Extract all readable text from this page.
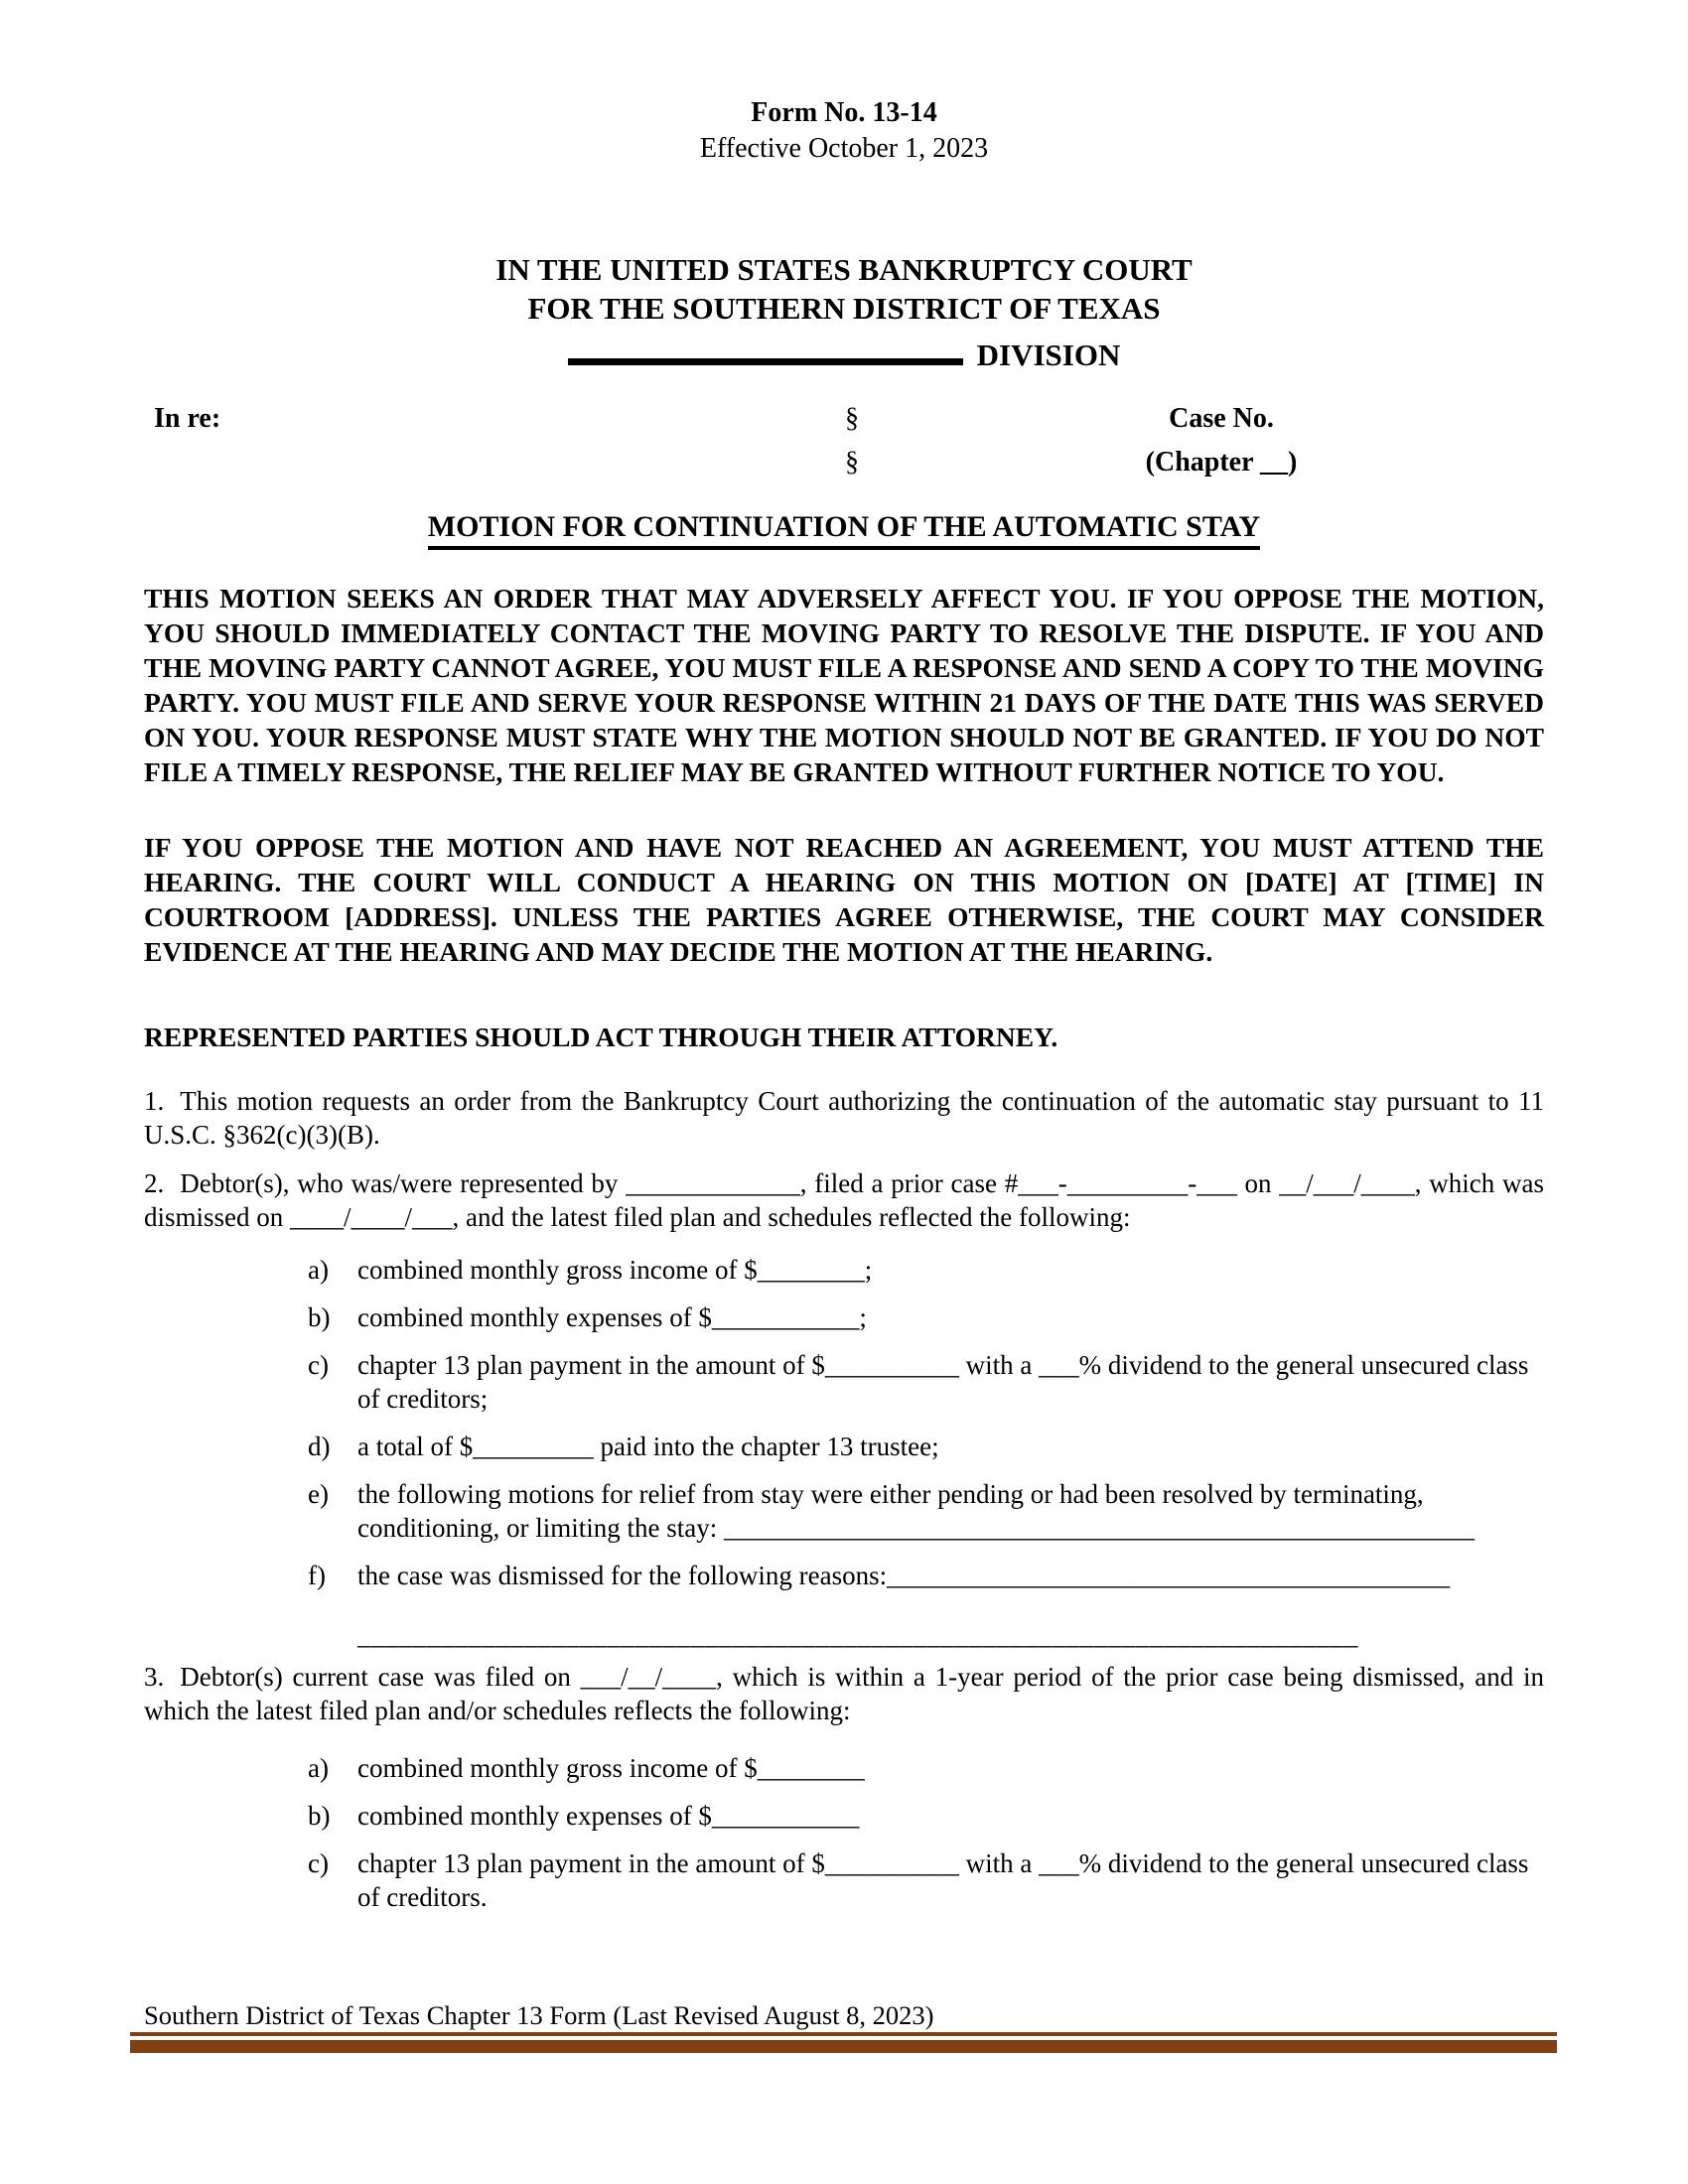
Form No. 13-14
Effective October 1, 2023
IN THE UNITED STATES BANKRUPTCY COURT
FOR THE SOUTHERN DISTRICT OF TEXAS
DIVISION
In re:	§
§
Case No.
(Chapter __)
MOTION FOR CONTINUATION OF THE AUTOMATIC STAY

THIS MOTION SEEKS AN ORDER THAT MAY ADVERSELY AFFECT YOU. IF YOU OPPOSE THE MOTION, YOU SHOULD IMMEDIATELY CONTACT THE MOVING PARTY TO RESOLVE THE DISPUTE. IF YOU AND THE MOVING PARTY CANNOT AGREE, YOU MUST FILE A RESPONSE AND SEND A COPY TO THE MOVING PARTY. YOU MUST FILE AND SERVE YOUR RESPONSE WITHIN 21 DAYS OF THE DATE THIS WAS SERVED ON YOU. YOUR RESPONSE MUST STATE WHY THE MOTION SHOULD NOT BE GRANTED. IF YOU DO NOT FILE A TIMELY RESPONSE, THE RELIEF MAY BE GRANTED WITHOUT FURTHER NOTICE TO YOU.

IF YOU OPPOSE THE MOTION AND HAVE NOT REACHED AN AGREEMENT, YOU MUST ATTEND THE HEARING. THE COURT WILL CONDUCT A HEARING ON THIS MOTION ON [DATE] AT [TIME] IN COURTROOM [ADDRESS]. UNLESS THE PARTIES AGREE OTHERWISE, THE COURT MAY CONSIDER EVIDENCE AT THE HEARING AND MAY DECIDE THE MOTION AT THE HEARING.

REPRESENTED PARTIES SHOULD ACT THROUGH THEIR ATTORNEY.

1. This motion requests an order from the Bankruptcy Court authorizing the continuation of the automatic stay pursuant to 11 U.S.C. §362(c)(3)(B).

2. Debtor(s), who was/were represented by _____________, filed a prior case #___-_________-___ on __/___/____, which was dismissed on ____/____/___, and the latest filed plan and schedules reflected the following:

a) combined monthly gross income of $________;
b) combined monthly expenses of $___________;
c) chapter 13 plan payment in the amount of $__________ with a ___% dividend to the general unsecured class of creditors;
d) a total of $_________ paid into the chapter 13 trustee;
e) the following motions for relief from stay were either pending or had been resolved by terminating, conditioning, or limiting the stay: ________________________________________________________
f) the case was dismissed for the following reasons:__________________________________________
________________________________________________________________________

3. Debtor(s) current case was filed on ___/__/____, which is within a 1-year period of the prior case being dismissed, and in which the latest filed plan and/or schedules reflects the following:

a) combined monthly gross income of $________
b) combined monthly expenses of $___________
c) chapter 13 plan payment in the amount of $__________ with a ___% dividend to the general unsecured class of creditors.
Southern District of Texas Chapter 13 Form (Last Revised August 8, 2023)
